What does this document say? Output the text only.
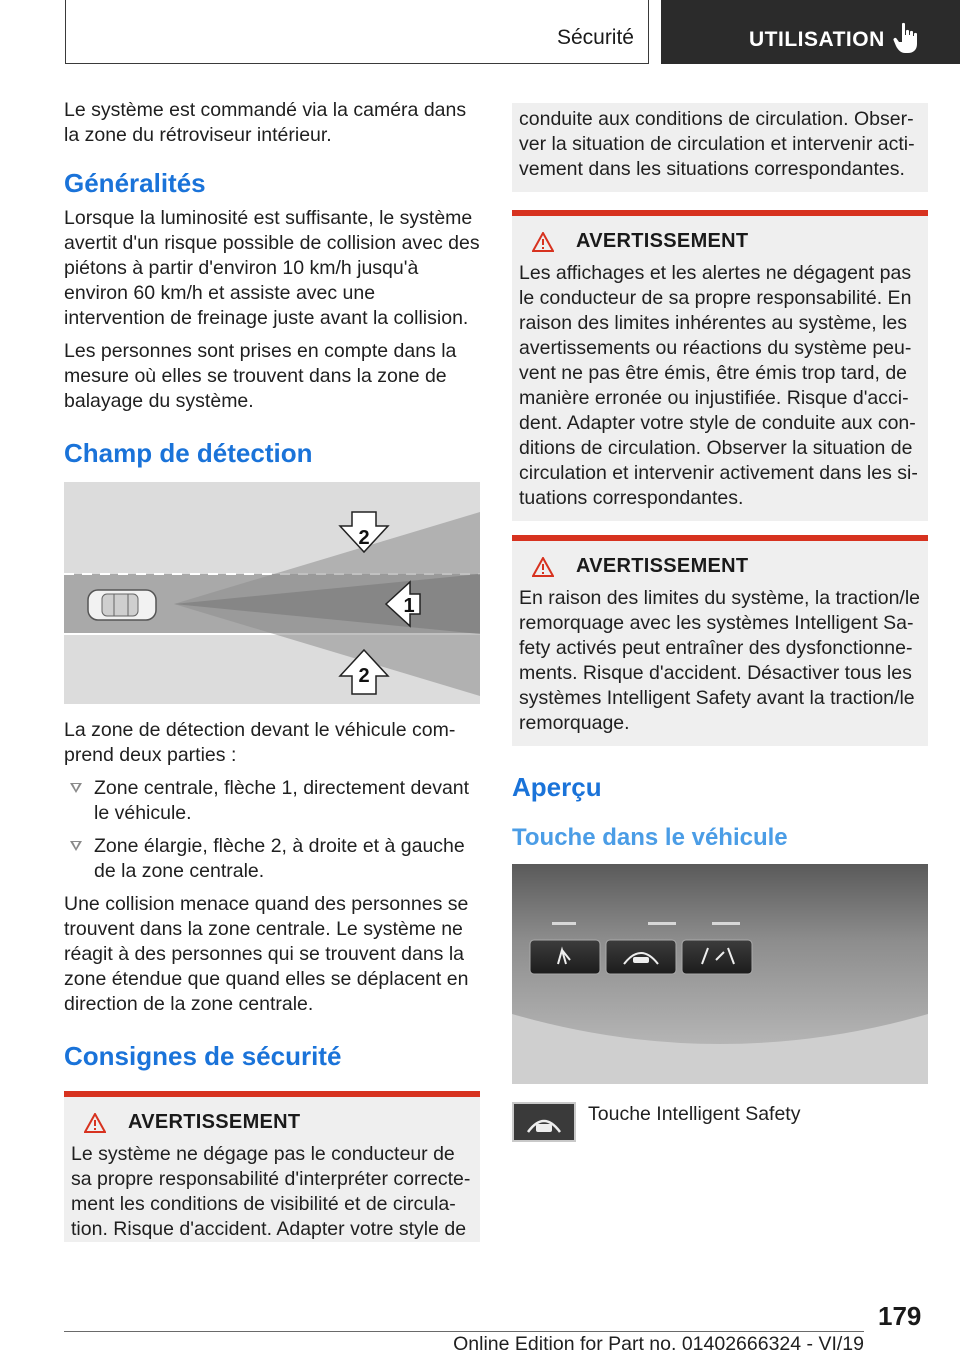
Sécurité	UTILISATION

Le système est commandé via la caméra dans la zone du rétroviseur intérieur.

Généralités

Lorsque la luminosité est suffisante, le système avertit d'un risque possible de collision avec des piétons à partir d'environ 10 km/h jusqu'à environ 60 km/h et assiste avec une intervention de freinage juste avant la collision.

Les personnes sont prises en compte dans la mesure où elles se trouvent dans la zone de balayage du système.

Champ de détection
2
1
2

La zone de détection devant le véhicule comprend deux parties :

Zone centrale, flèche 1, directement devant le véhicule.
Zone élargie, flèche 2, à droite et à gauche de la zone centrale.

Une collision menace quand des personnes se trouvent dans la zone centrale. Le système ne réagit à des personnes qui se trouvent dans la zone étendue que quand elles se déplacent en direction de la zone centrale.

Consignes de sécurité
AVERTISSEMENT

Le système ne dégage pas le conducteur de sa propre responsabilité d'interpréter correctement les conditions de visibilité et de circulation. Risque d'accident. Adapter votre style de

conduite aux conditions de circulation. Observer la situation de circulation et intervenir activement dans les situations correspondantes.
AVERTISSEMENT

Les affichages et les alertes ne dégagent pas le conducteur de sa propre responsabilité. En raison des limites inhérentes au système, les avertissements ou réactions du système peuvent ne pas être émis, être émis trop tard, de manière erronée ou injustifiée. Risque d'accident. Adapter votre style de conduite aux conditions de circulation. Observer la situation de circulation et intervenir activement dans les situations correspondantes.

AVERTISSEMENT

En raison des limites du système, la traction/le remorquage avec les systèmes Intelligent Safety activés peut entraîner des dysfonctionnements. Risque d'accident. Désactiver tous les systèmes Intelligent Safety avant la traction/le remorquage.

Aperçu
Touche dans le véhicule
Touche Intelligent Safety
179
Online Edition for Part no. 01402666324 - VI/19
